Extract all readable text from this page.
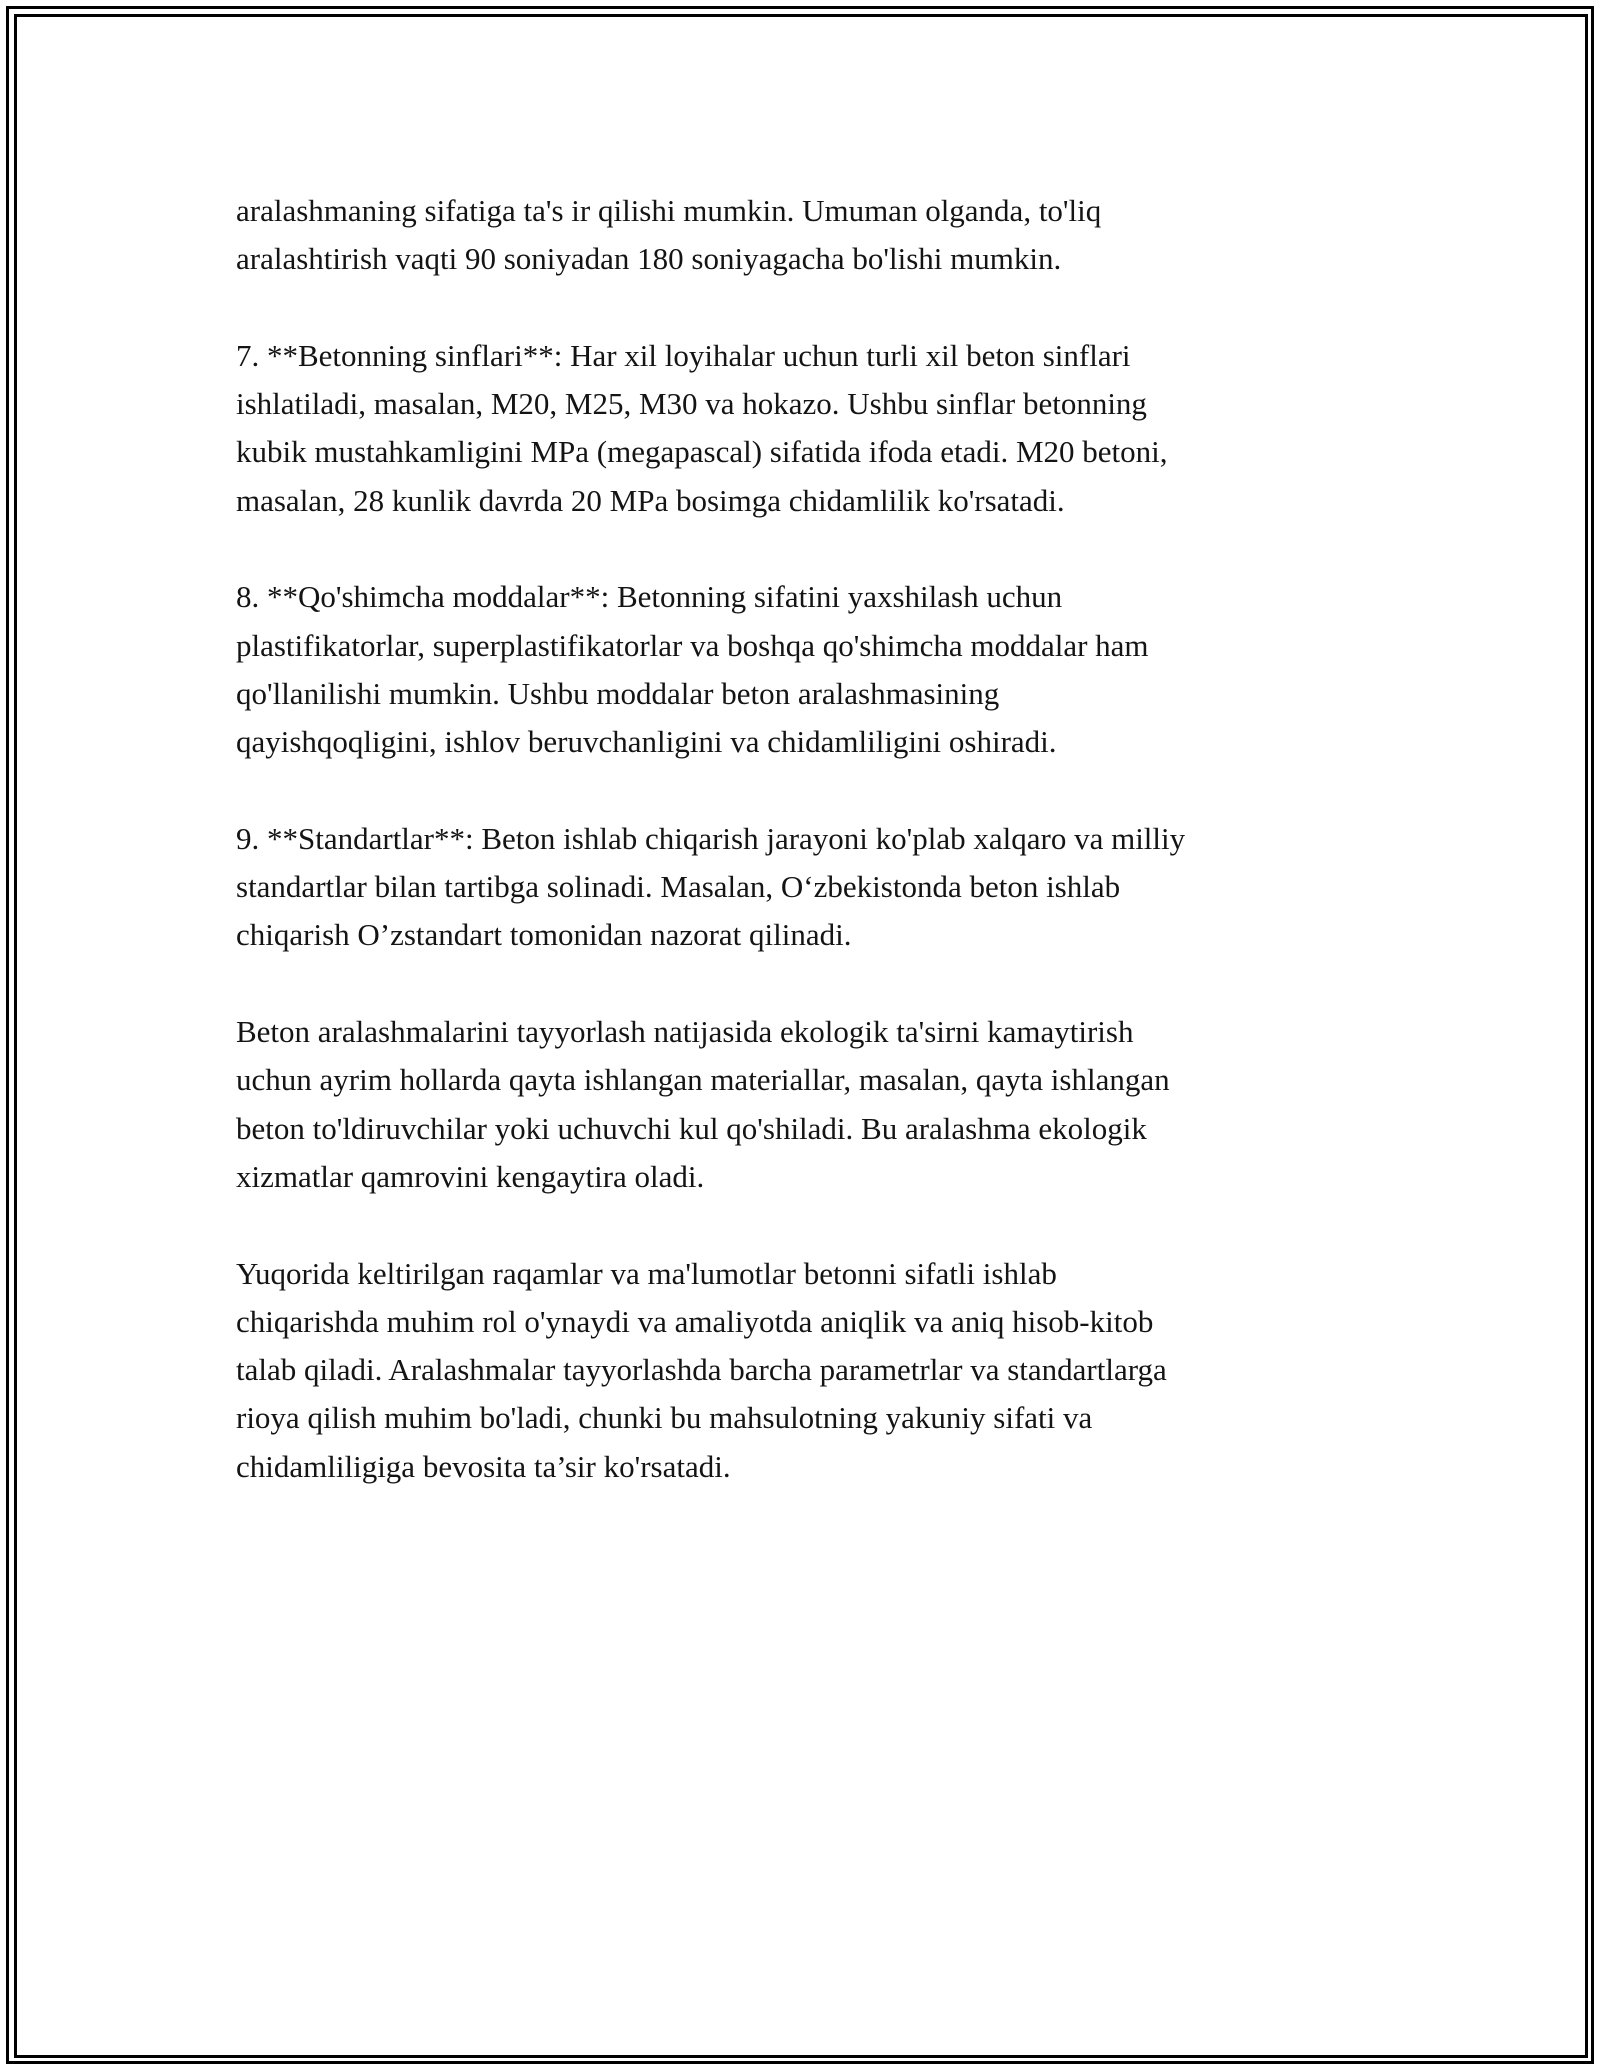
aralashmaning sifatiga ta's ir qilishi mumkin. Umuman olganda, to'liq
aralashtirish vaqti 90 soniyadan 180 soniyagacha bo'lishi mumkin.

7. **Betonning sinflari**: Har xil loyihalar uchun turli xil beton sinflari
ishlatiladi, masalan, M20, M25, M30 va hokazo. Ushbu sinflar betonning
kubik mustahkamligini MPa (megapascal) sifatida ifoda etadi. M20 betoni,
masalan, 28 kunlik davrda 20 MPa bosimga chidamlilik ko'rsatadi.

8. **Qo'shimcha moddalar**: Betonning sifatini yaxshilash uchun
plastifikatorlar, superplastifikatorlar va boshqa qo'shimcha moddalar ham
qo'llanilishi mumkin. Ushbu moddalar beton aralashmasining
qayishqoqligini, ishlov beruvchanligini va chidamliligini oshiradi.

9. **Standartlar**: Beton ishlab chiqarish jarayoni ko'plab xalqaro va milliy
standartlar bilan tartibga solinadi. Masalan, O‘zbekistonda beton ishlab
chiqarish O’zstandart tomonidan nazorat qilinadi.

Beton aralashmalarini tayyorlash natijasida ekologik ta'sirni kamaytirish
uchun ayrim hollarda qayta ishlangan materiallar, masalan, qayta ishlangan
beton to'ldiruvchilar yoki uchuvchi kul qo'shiladi. Bu aralashma ekologik
xizmatlar qamrovini kengaytira oladi.

Yuqorida keltirilgan raqamlar va ma'lumotlar betonni sifatli ishlab
chiqarishda muhim rol o'ynaydi va amaliyotda aniqlik va aniq hisob-kitob
talab qiladi. Aralashmalar tayyorlashda barcha parametrlar va standartlarga
rioya qilish muhim bo'ladi, chunki bu mahsulotning yakuniy sifati va
chidamliligiga bevosita ta’sir ko'rsatadi.
